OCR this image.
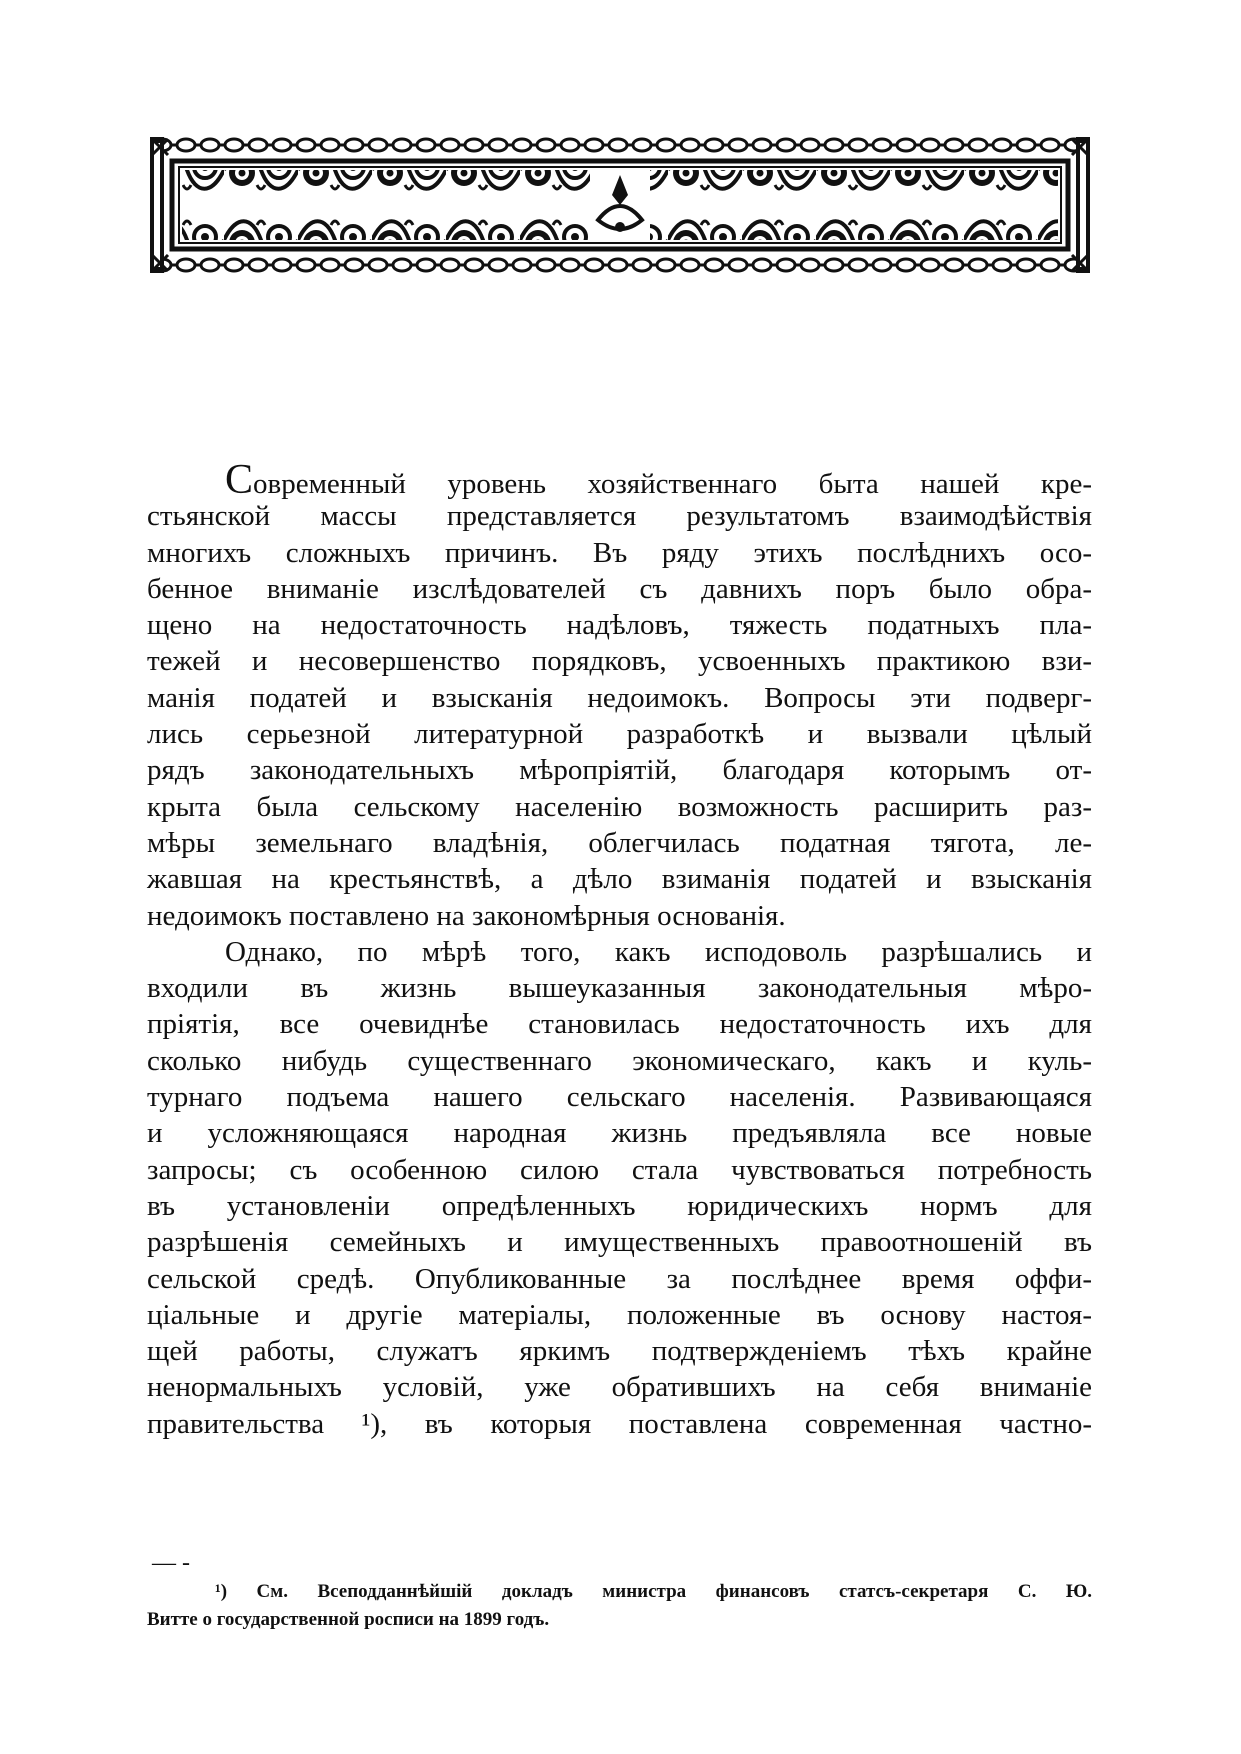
Современный уровень хозяйственнаго быта нашей кре-
стьянской массы представляется результатомъ взаимодѣйствія
многихъ сложныхъ причинъ. Въ ряду этихъ послѣднихъ осо-
бенное вниманіе изслѣдователей съ давнихъ поръ было обра-
щено на недостаточность надѣловъ, тяжесть податныхъ пла-
тежей и несовершенство порядковъ, усвоенныхъ практикою взи-
манія податей и взысканія недоимокъ. Вопросы эти подверг-
лись серьезной литературной разработкѣ и вызвали цѣлый
рядъ законодательныхъ мѣропріятій, благодаря которымъ от-
крыта была сельскому населенію возможность расширить раз-
мѣры земельнаго владѣнія, облегчилась податная тягота, ле-
жавшая на крестьянствѣ, а дѣло взиманія податей и взысканія
недоимокъ поставлено на закономѣрныя основанія.
Однако, по мѣрѣ того, какъ исподоволь разрѣшались и
входили въ жизнь вышеуказанныя законодательныя мѣро-
пріятія, все очевиднѣе становилась недостаточность ихъ для
сколько нибудь существеннаго экономическаго, какъ и куль-
турнаго подъема нашего сельскаго населенія. Развивающаяся
и усложняющаяся народная жизнь предъявляла все новые
запросы; съ особенною силою стала чувствоваться потребность
въ установленіи опредѣленныхъ юридическихъ нормъ для
разрѣшенія семейныхъ и имущественныхъ правоотношеній въ
сельской средѣ. Опубликованные за послѣднее время оффи-
ціальные и другіе матеріалы, положенные въ основу настоя-
щей работы, служатъ яркимъ подтвержденіемъ тѣхъ крайне
ненормальныхъ условій, уже обратившихъ на себя вниманіе
правительства ¹), въ которыя поставлена современная частно-
— -
¹) См. Всеподданнѣйшій докладъ министра финансовъ статсъ-секретаря С. Ю.
Витте о государственной росписи на 1899 годъ.
